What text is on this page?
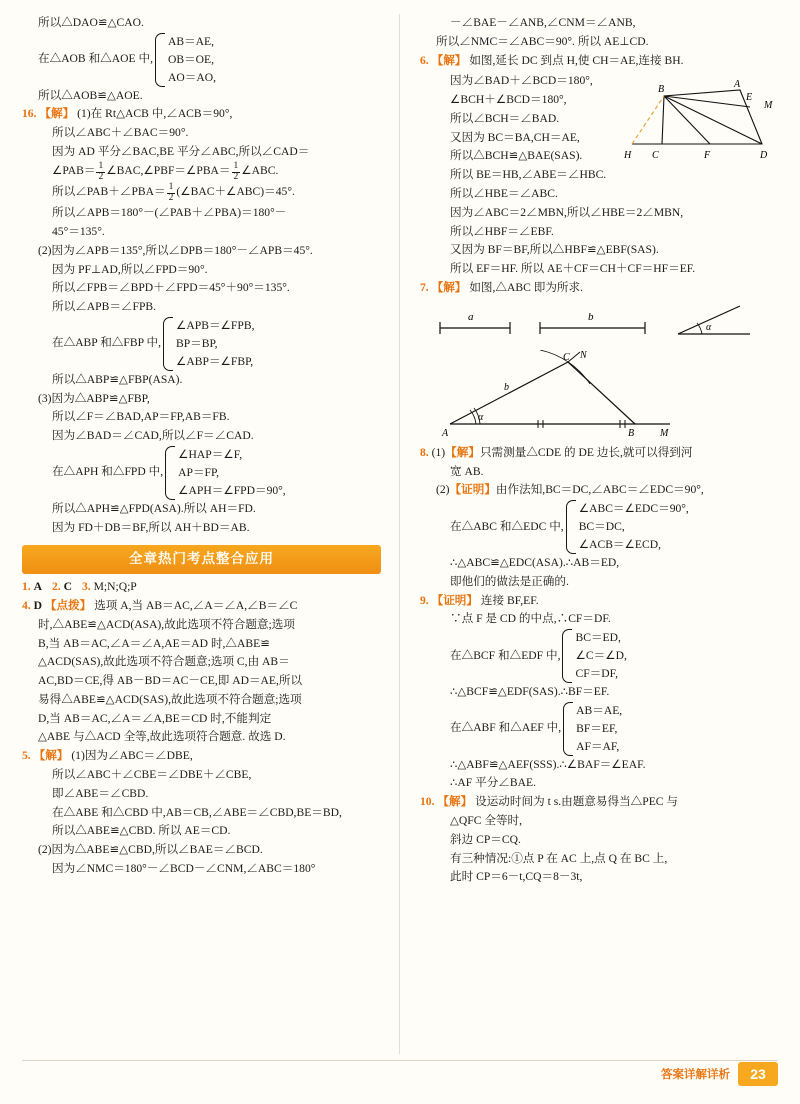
所以△DAO≌△CAO.
在△AOB 和△AOE 中,
AB＝AE,
OB＝OE,
AO＝AO,
所以△AOB≌△AOE.
16. 【解】 (1)在 Rt△ACB 中,∠ACB＝90°,
所以∠ABC＋∠BAC＝90°.
因为 AD 平分∠BAC,BE 平分∠ABC,所以∠CAD＝
∠PAB＝ $\frac{1}{2}$ ∠BAC,∠PBF＝∠PBA＝ $\frac{1}{2}$ ∠ABC.
所以∠PAB＋∠PBA＝ $\frac{1}{2}$ (∠BAC＋∠ABC)＝45°.
所以∠APB＝180°－(∠PAB＋∠PBA)＝180°－
45°＝135°.
(2)因为∠APB＝135°,所以∠DPB＝180°－∠APB＝45°.
因为 PF⊥AD,所以∠FPD＝90°.
所以∠FPB＝∠BPD＋∠FPD＝45°＋90°＝135°.
所以∠APB＝∠FPB.
在△ABP 和△FBP 中,
∠APB＝∠FPB,
BP＝BP,
∠ABP＝∠FBP,
所以△ABP≌△FBP(ASA).
(3)因为△ABP≌△FBP,
所以∠F＝∠BAD,AP＝FP,AB＝FB.
因为∠BAD＝∠CAD,所以∠F＝∠CAD.
在△APH 和△FPD 中,
∠HAP＝∠F,
AP＝FP,
∠APH＝∠FPD＝90°,
所以△APH≌△FPD(ASA).所以 AH＝FD.
因为 FD＋DB＝BF,所以 AH＋BD＝AB.
全章热门考点整合应用
1. A 2. C 3. M;N;Q;P
4. D 【点拨】 选项 A,当 AB＝AC,∠A＝∠A,∠B＝∠C
时,△ABE≌△ACD(ASA),故此选项不符合题意;选项
B,当 AB＝AC,∠A＝∠A,AE＝AD 时,△ABE≌
△ACD(SAS),故此选项不符合题意;选项 C,由 AB＝
AC,BD＝CE,得 AB－BD＝AC－CE,即 AD＝AE,所以
易得△ABE≌△ACD(SAS),故此选项不符合题意;选项
D,当 AB＝AC,∠A＝∠A,BE＝CD 时,不能判定
△ABE 与△ACD 全等,故此选项符合题意. 故选 D.
5. 【解】 (1)因为∠ABC＝∠DBE,
所以∠ABC＋∠CBE＝∠DBE＋∠CBE,
即∠ABE＝∠CBD.
在△ABE 和△CBD 中,AB＝CB,∠ABE＝∠CBD,BE＝BD,
所以△ABE≌△CBD. 所以 AE＝CD.
(2)因为△ABE≌△CBD,所以∠BAE＝∠BCD.
因为∠NMC＝180°－∠BCD－∠CNM,∠ABC＝180°
－∠BAE－∠ANB,∠CNM＝∠ANB,
所以∠NMC＝∠ABC＝90°. 所以 AE⊥CD.
6. 【解】 如图,延长 DC 到点 H,使 CH＝AE,连接 BH.
B	A
E
M
H C	F	D
因为∠BAD＋∠BCD＝180°,
∠BCH＋∠BCD＝180°,
所以∠BCH＝∠BAD.
又因为 BC＝BA,CH＝AE,
所以△BCH≌△BAE(SAS).
所以 BE＝HB,∠ABE＝∠HBC.
所以∠HBE＝∠ABC.
因为∠ABC＝2∠MBN,所以∠HBE＝2∠MBN,
所以∠HBF＝∠EBF.
又因为 BF＝BF,所以△HBF≌△EBF(SAS).
所以 EF＝HF. 所以 AE＋CF＝CH＋CF＝HF＝EF.
7. 【解】 如图,△ABC 即为所求.
a	b
α
α
b
C N
A	B	M
8. (1)【解】只需测量△CDE 的 DE 边长,就可以得到河
宽 AB.
(2)【证明】由作法知,BC＝DC,∠ABC＝∠EDC＝90°,
在△ABC 和△EDC 中,
∠ABC＝∠EDC＝90°,
BC＝DC,
∠ACB＝∠ECD,
∴△ABC≌△EDC(ASA).∴AB＝ED,
即他们的做法是正确的.
9. 【证明】 连接 BF,EF.
∵点 F 是 CD 的中点,∴CF＝DF.
在△BCF 和△EDF 中,
BC＝ED,
∠C＝∠D,
CF＝DF,
∴△BCF≌△EDF(SAS).∴BF＝EF.
在△ABF 和△AEF 中,
AB＝AE,
BF＝EF,
AF＝AF,
∴△ABF≌△AEF(SSS).∴∠BAF＝∠EAF.
∴AF 平分∠BAE.
10. 【解】 设运动时间为 t s.由题意易得当△PEC 与
△QFC 全等时,
斜边 CP＝CQ.
有三种情况:①点 P 在 AC 上,点 Q 在 BC 上,
此时 CP＝6－t,CQ＝8－3t,
答案详解详析	23
